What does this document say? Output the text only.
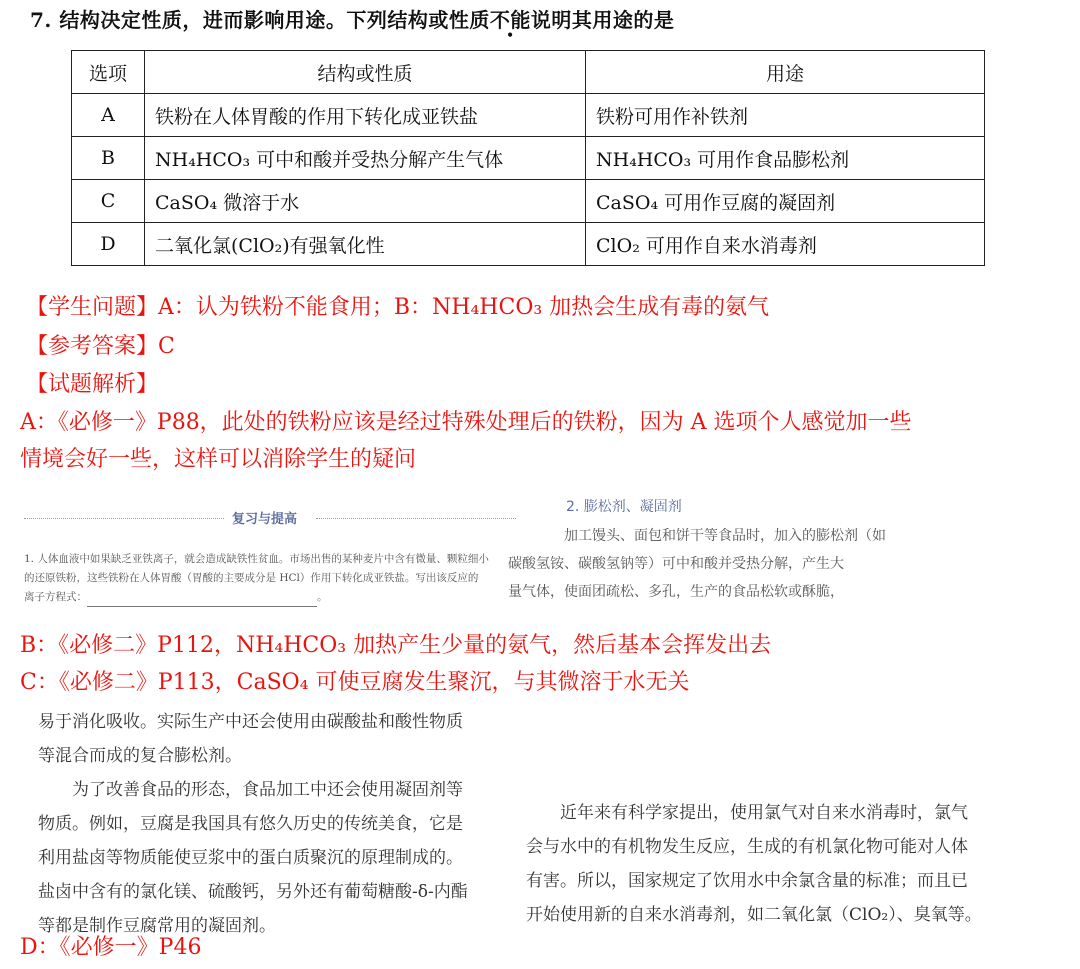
7. 结构决定性质，进而影响用途。下列结构或性质不能说明其用途的是
选项	结构或性质	用途
A	铁粉在人体胃酸的作用下转化成亚铁盐	铁粉可用作补铁剂
B	NH₄HCO₃ 可中和酸并受热分解产生气体	NH₄HCO₃ 可用作食品膨松剂
C	CaSO₄ 微溶于水	CaSO₄ 可用作豆腐的凝固剂
D	二氧化氯(ClO₂)有强氧化性	ClO₂ 可用作自来水消毒剂
【学生问题】A：认为铁粉不能食用；B：NH₄HCO₃ 加热会生成有毒的氨气
【参考答案】C
【试题解析】
A：《必修一》P88，此处的铁粉应该是经过特殊处理后的铁粉，因为 A 选项个人感觉加一些
情境会好一些，这样可以消除学生的疑问
复习与提高
1. 人体血液中如果缺乏亚铁离子，就会造成缺铁性贫血。市场出售的某种麦片中含有微量、颗粒细小
的还原铁粉，这些铁粉在人体胃酸（胃酸的主要成分是 HCl）作用下转化成亚铁盐。写出该反应的
离子方程式：	。
2. 膨松剂、凝固剂

加工馒头、面包和饼干等食品时，加入的膨松剂（如
碳酸氢铵、碳酸氢钠等）可中和酸并受热分解，产生大
量气体，使面团疏松、多孔，生产的食品松软或酥脆，

B：《必修二》P112，NH₄HCO₃ 加热产生少量的氨气，然后基本会挥发出去
C：《必修二》P113，CaSO₄ 可使豆腐发生聚沉，与其微溶于水无关

易于消化吸收。实际生产中还会使用由碳酸盐和酸性物质

等混合而成的复合膨松剂。

为了改善食品的形态，食品加工中还会使用凝固剂等

物质。例如，豆腐是我国具有悠久历史的传统美食，它是

利用盐卤等物质能使豆浆中的蛋白质聚沉的原理制成的。

盐卤中含有的氯化镁、硫酸钙，另外还有葡萄糖酸-δ-内酯

等都是制作豆腐常用的凝固剂。

近年来有科学家提出，使用氯气对自来水消毒时，氯气

会与水中的有机物发生反应，生成的有机氯化物可能对人体

有害。所以，国家规定了饮用水中余氯含量的标准；而且已

开始使用新的自来水消毒剂，如二氧化氯（ClO₂）、臭氧等。

D：《必修一》P46
